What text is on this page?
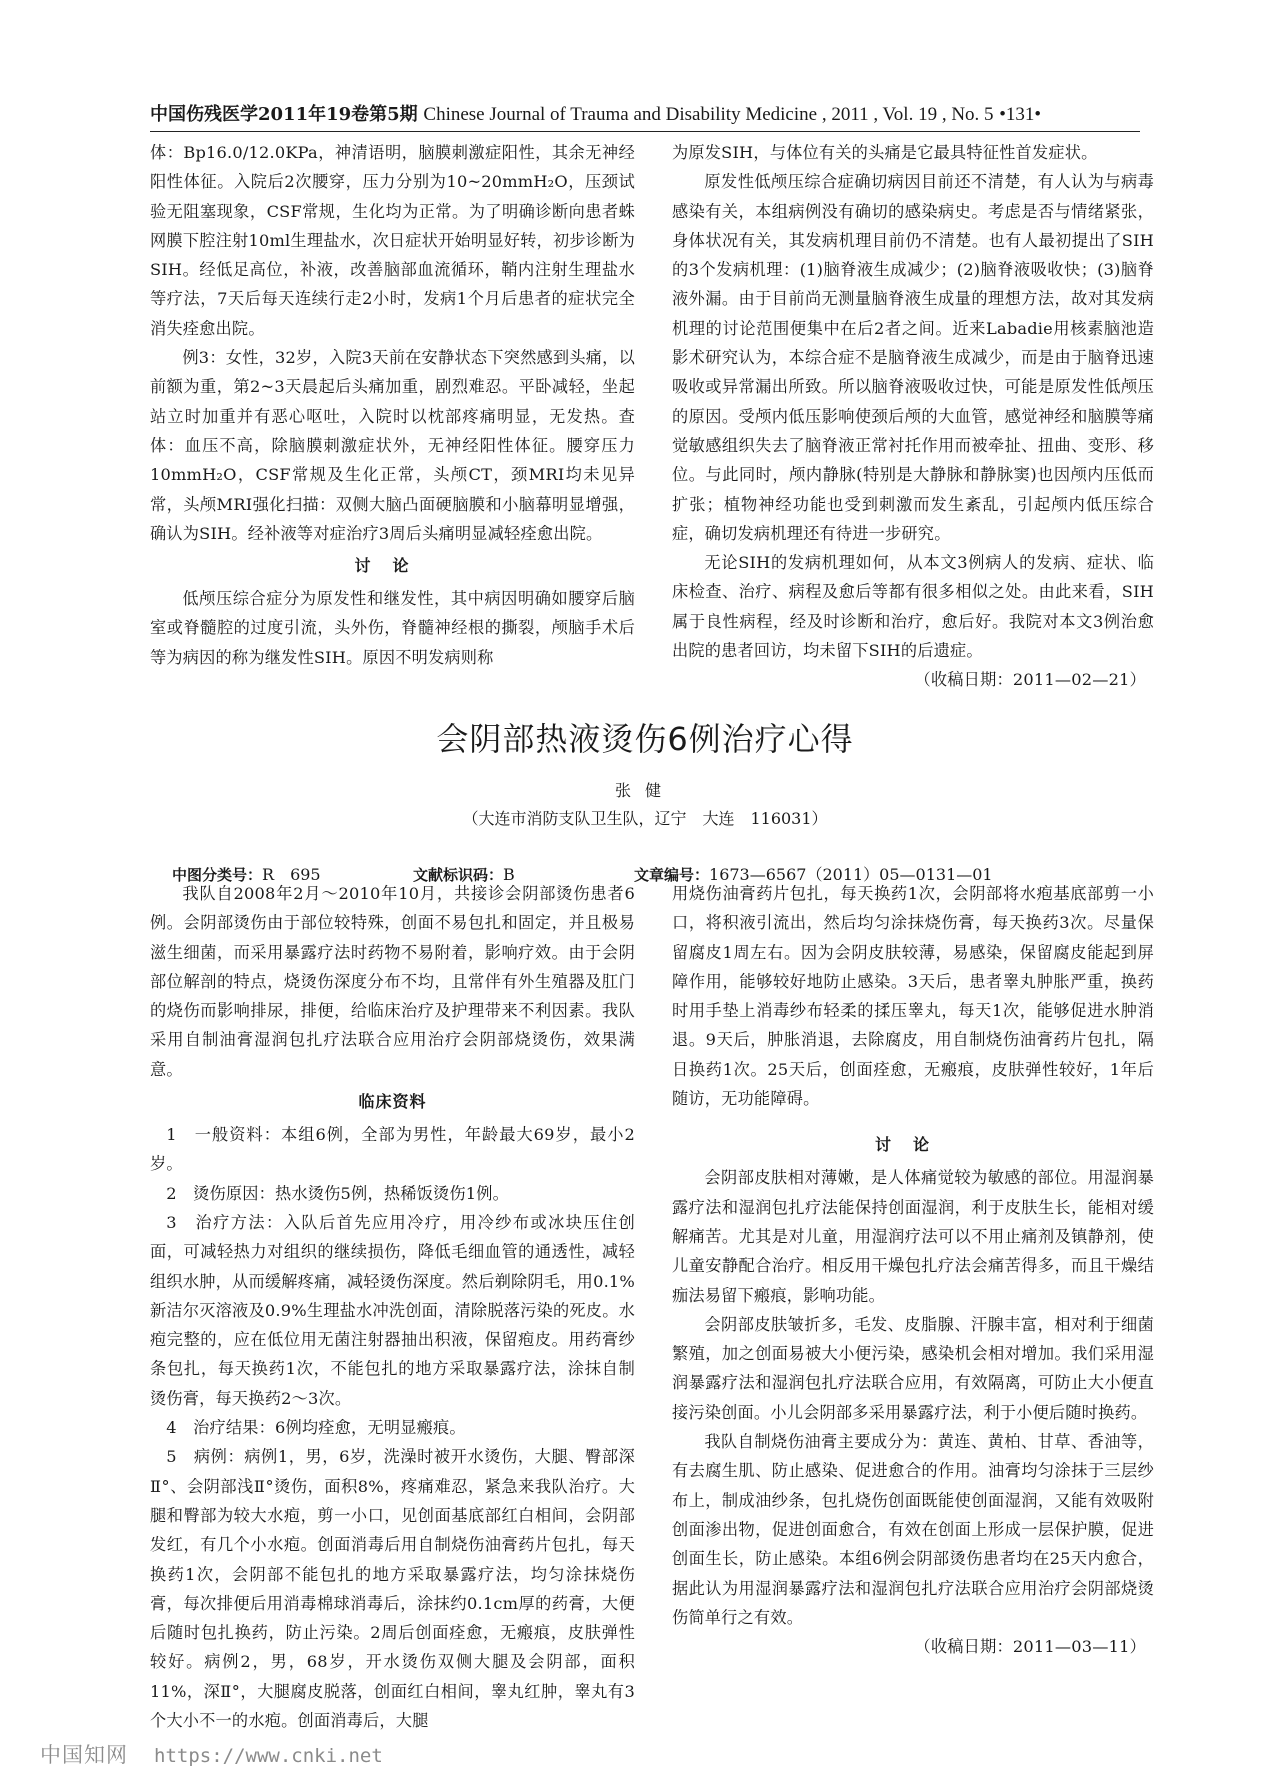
中国伤残医学2011年19卷第5期 Chinese Journal of Trauma and Disability Medicine , 2011 , Vol. 19 , No. 5 •131•

体：Bp16.0/12.0KPa，神清语明，脑膜刺激症阳性，其余无神经阳性体征。入院后2次腰穿，压力分别为10~20mmH₂O，压颈试验无阻塞现象，CSF常规，生化均为正常。为了明确诊断向患者蛛网膜下腔注射10ml生理盐水，次日症状开始明显好转，初步诊断为SIH。经低足高位，补液，改善脑部血流循环，鞘内注射生理盐水等疗法，7天后每天连续行走2小时，发病1个月后患者的症状完全消失痊愈出院。

例3：女性，32岁，入院3天前在安静状态下突然感到头痛，以前额为重，第2~3天晨起后头痛加重，剧烈难忍。平卧减轻，坐起站立时加重并有恶心呕吐，入院时以枕部疼痛明显，无发热。查体：血压不高，除脑膜刺激症状外，无神经阳性体征。腰穿压力10mmH₂O，CSF常规及生化正常，头颅CT，颈MRI均未见异常，头颅MRI强化扫描：双侧大脑凸面硬脑膜和小脑幕明显增强，确认为SIH。经补液等对症治疗3周后头痛明显减轻痊愈出院。

讨论

低颅压综合症分为原发性和继发性，其中病因明确如腰穿后脑室或脊髓腔的过度引流，头外伤，脊髓神经根的撕裂，颅脑手术后等为病因的称为继发性SIH。原因不明发病则称

为原发SIH，与体位有关的头痛是它最具特征性首发症状。

原发性低颅压综合症确切病因目前还不清楚，有人认为与病毒感染有关，本组病例没有确切的感染病史。考虑是否与情绪紧张，身体状况有关，其发病机理目前仍不清楚。也有人最初提出了SIH的3个发病机理：(1)脑脊液生成减少；(2)脑脊液吸收快；(3)脑脊液外漏。由于目前尚无测量脑脊液生成量的理想方法，故对其发病机理的讨论范围便集中在后2者之间。近来Labadie用核素脑池造影术研究认为，本综合症不是脑脊液生成减少，而是由于脑脊迅速吸收或异常漏出所致。所以脑脊液吸收过快，可能是原发性低颅压的原因。受颅内低压影响使颈后颅的大血管，感觉神经和脑膜等痛觉敏感组织失去了脑脊液正常衬托作用而被牵扯、扭曲、变形、移位。与此同时，颅内静脉(特别是大静脉和静脉窦)也因颅内压低而扩张；植物神经功能也受到刺激而发生紊乱，引起颅内低压综合症，确切发病机理还有待进一步研究。

无论SIH的发病机理如何，从本文3例病人的发病、症状、临床检查、治疗、病程及愈后等都有很多相似之处。由此来看，SIH属于良性病程，经及时诊断和治疗，愈后好。我院对本文3例治愈出院的患者回访，均未留下SIH的后遗症。

（收稿日期：2011—02—21）

会阴部热液烫伤6例治疗心得
张健
（大连市消防支队卫生队，辽宁　大连　116031）
中图分类号：R　695	文献标识码：B	文章编号：1673—6567（2011）05—0131—01

我队自2008年2月～2010年10月，共接诊会阴部烫伤患者6例。会阴部烫伤由于部位较特殊，创面不易包扎和固定，并且极易滋生细菌，而采用暴露疗法时药物不易附着，影响疗效。由于会阴部位解剖的特点，烧烫伤深度分布不均，且常伴有外生殖器及肛门的烧伤而影响排尿，排便，给临床治疗及护理带来不利因素。我队采用自制油膏湿润包扎疗法联合应用治疗会阴部烧烫伤，效果满意。

临床资料

1　一般资料：本组6例，全部为男性，年龄最大69岁，最小2岁。

2　烫伤原因：热水烫伤5例，热稀饭烫伤1例。

3　治疗方法：入队后首先应用冷疗，用冷纱布或冰块压住创面，可减轻热力对组织的继续损伤，降低毛细血管的通透性，减轻组织水肿，从而缓解疼痛，减轻烫伤深度。然后剃除阴毛，用0.1%新洁尔灭溶液及0.9%生理盐水冲洗创面，清除脱落污染的死皮。水疱完整的，应在低位用无菌注射器抽出积液，保留疱皮。用药膏纱条包扎，每天换药1次，不能包扎的地方采取暴露疗法，涂抹自制烫伤膏，每天换药2～3次。

4　治疗结果：6例均痊愈，无明显瘢痕。

5　病例：病例1，男，6岁，洗澡时被开水烫伤，大腿、臀部深Ⅱ°、会阴部浅Ⅱ°烫伤，面积8%，疼痛难忍，紧急来我队治疗。大腿和臀部为较大水疱，剪一小口，见创面基底部红白相间，会阴部发红，有几个小水疱。创面消毒后用自制烧伤油膏药片包扎，每天换药1次，会阴部不能包扎的地方采取暴露疗法，均匀涂抹烧伤膏，每次排便后用消毒棉球消毒后，涂抹约0.1cm厚的药膏，大便后随时包扎换药，防止污染。2周后创面痊愈，无瘢痕，皮肤弹性较好。病例2，男，68岁，开水烫伤双侧大腿及会阴部，面积11%，深Ⅱ°，大腿腐皮脱落，创面红白相间，睾丸红肿，睾丸有3个大小不一的水疱。创面消毒后，大腿

用烧伤油膏药片包扎，每天换药1次，会阴部将水疱基底部剪一小口，将积液引流出，然后均匀涂抹烧伤膏，每天换药3次。尽量保留腐皮1周左右。因为会阴皮肤较薄，易感染，保留腐皮能起到屏障作用，能够较好地防止感染。3天后，患者睾丸肿胀严重，换药时用手垫上消毒纱布轻柔的揉压睾丸，每天1次，能够促进水肿消退。9天后，肿胀消退，去除腐皮，用自制烧伤油膏药片包扎，隔日换药1次。25天后，创面痊愈，无瘢痕，皮肤弹性较好，1年后随访，无功能障碍。

讨论

会阴部皮肤相对薄嫩，是人体痛觉较为敏感的部位。用湿润暴露疗法和湿润包扎疗法能保持创面湿润，利于皮肤生长，能相对缓解痛苦。尤其是对儿童，用湿润疗法可以不用止痛剂及镇静剂，使儿童安静配合治疗。相反用干燥包扎疗法会痛苦得多，而且干燥结痂法易留下瘢痕，影响功能。

会阴部皮肤皱折多，毛发、皮脂腺、汗腺丰富，相对利于细菌繁殖，加之创面易被大小便污染，感染机会相对增加。我们采用湿润暴露疗法和湿润包扎疗法联合应用，有效隔离，可防止大小便直接污染创面。小儿会阴部多采用暴露疗法，利于小便后随时换药。

我队自制烧伤油膏主要成分为：黄连、黄柏、甘草、香油等，有去腐生肌、防止感染、促进愈合的作用。油膏均匀涂抹于三层纱布上，制成油纱条，包扎烧伤创面既能使创面湿润，又能有效吸附创面渗出物，促进创面愈合，有效在创面上形成一层保护膜，促进创面生长，防止感染。本组6例会阴部烫伤患者均在25天内愈合，据此认为用湿润暴露疗法和湿润包扎疗法联合应用治疗会阴部烧烫伤简单行之有效。

（收稿日期：2011—03—11）

中国知网 https://www.cnki.net
